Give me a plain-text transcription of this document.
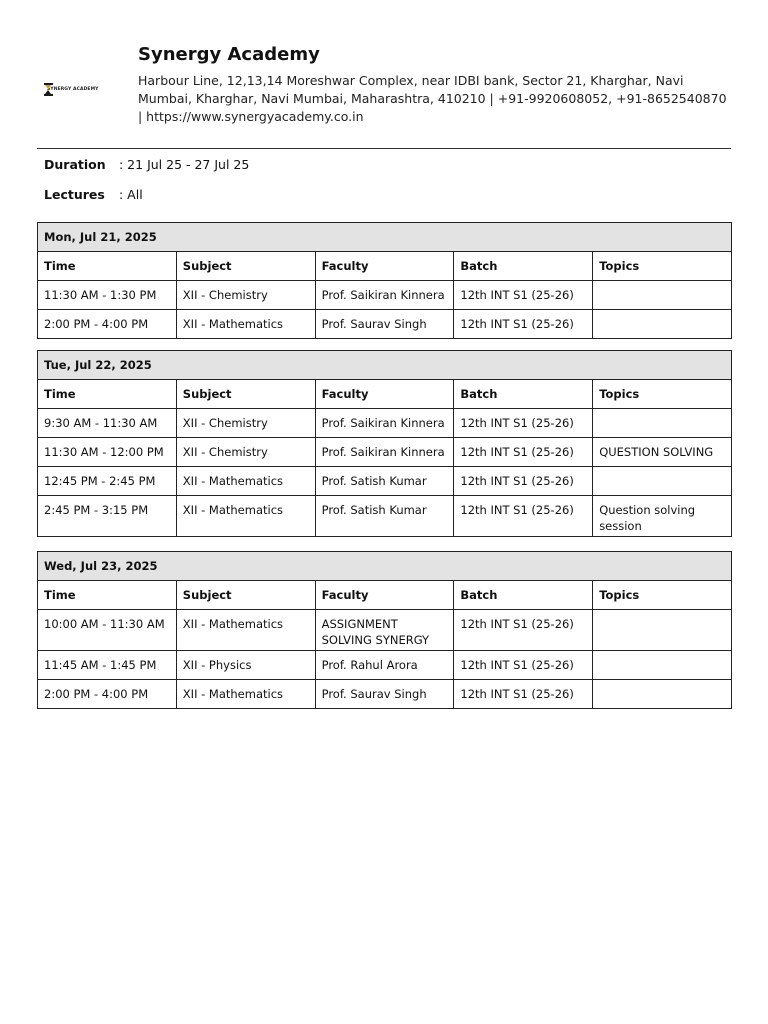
SYNERGY ACADEMY
Synergy Academy
Harbour Line, 12,13,14 Moreshwar Complex, near IDBI bank, Sector 21, Kharghar, Navi Mumbai, Kharghar, Navi Mumbai, Maharashtra, 410210 | +91-9920608052, +91-8652540870 | https://www.synergyacademy.co.in
Duration : 21 Jul 25 - 27 Jul 25
Lectures : All
Mon, Jul 21, 2025				
Time	Subject	Faculty	Batch	Topics
11:30 AM - 1:30 PM	XII - Chemistry	Prof. Saikiran Kinnera	12th INT S1 (25-26)	
2:00 PM - 4:00 PM	XII - Mathematics	Prof. Saurav Singh	12th INT S1 (25-26)	
Tue, Jul 22, 2025				
Time	Subject	Faculty	Batch	Topics
9:30 AM - 11:30 AM	XII - Chemistry	Prof. Saikiran Kinnera	12th INT S1 (25-26)	
11:30 AM - 12:00 PM	XII - Chemistry	Prof. Saikiran Kinnera	12th INT S1 (25-26)	QUESTION SOLVING
12:45 PM - 2:45 PM	XII - Mathematics	Prof. Satish Kumar	12th INT S1 (25-26)	
2:45 PM - 3:15 PM	XII - Mathematics	Prof. Satish Kumar	12th INT S1 (25-26)	Question solving session
Wed, Jul 23, 2025				
Time	Subject	Faculty	Batch	Topics
10:00 AM - 11:30 AM	XII - Mathematics	ASSIGNMENT SOLVING SYNERGY	12th INT S1 (25-26)	
11:45 AM - 1:45 PM	XII - Physics	Prof. Rahul Arora	12th INT S1 (25-26)	
2:00 PM - 4:00 PM	XII - Mathematics	Prof. Saurav Singh	12th INT S1 (25-26)	
